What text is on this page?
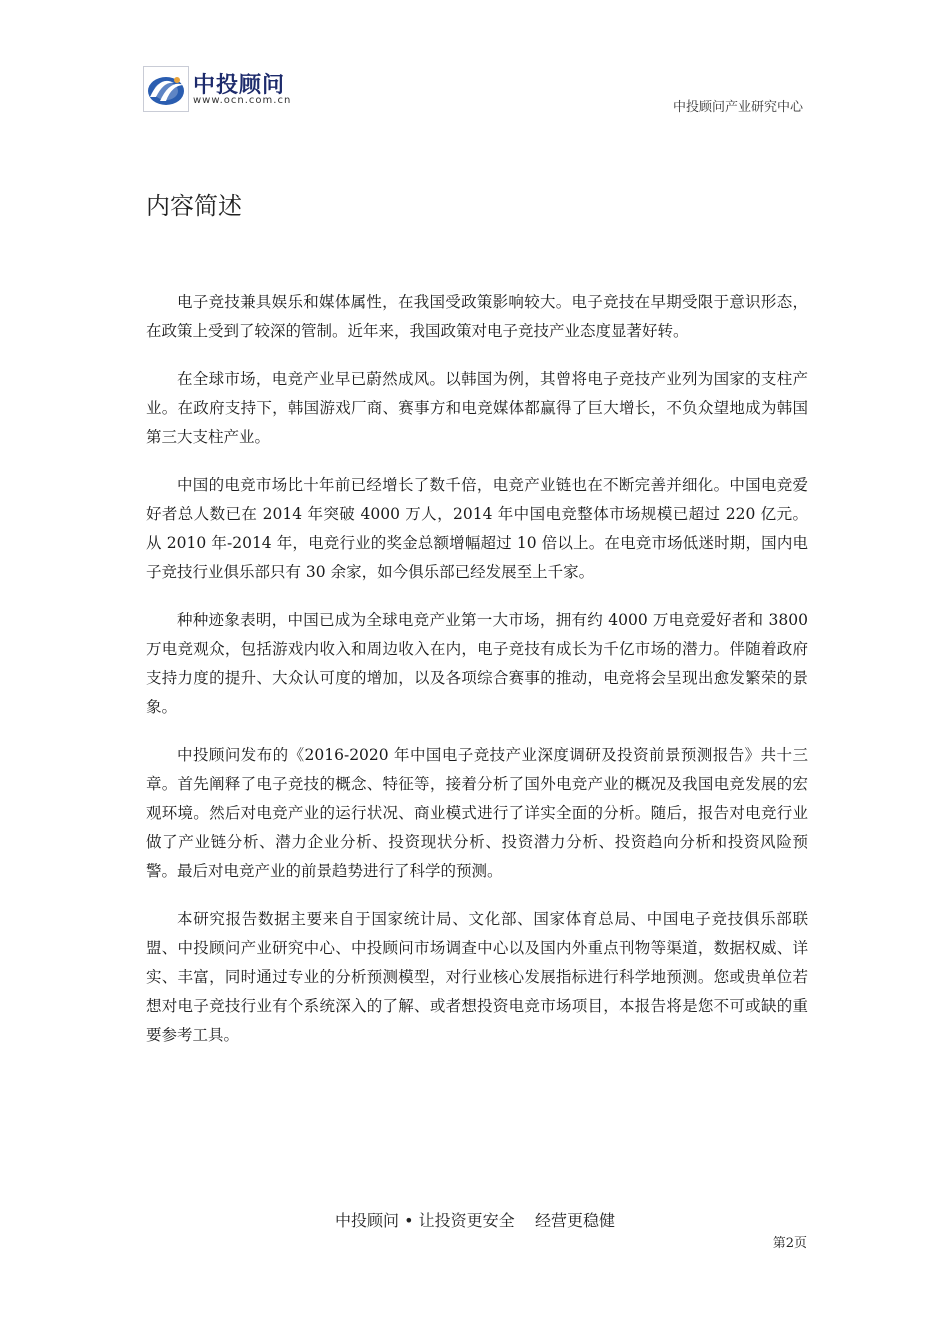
中投顾问
www.ocn.com.cn	中投顾问产业研究中心
内容简述

电子竞技兼具娱乐和媒体属性，在我国受政策影响较大。电子竞技在早期受限于意识形态，在政策上受到了较深的管制。近年来，我国政策对电子竞技产业态度显著好转。

在全球市场，电竞产业早已蔚然成风。以韩国为例，其曾将电子竞技产业列为国家的支柱产业。在政府支持下，韩国游戏厂商、赛事方和电竞媒体都赢得了巨大增长，不负众望地成为韩国第三大支柱产业。

中国的电竞市场比十年前已经增长了数千倍，电竞产业链也在不断完善并细化。中国电竞爱好者总人数已在 2014 年突破 4000 万人，2014 年中国电竞整体市场规模已超过 220 亿元。从 2010 年-2014 年，电竞行业的奖金总额增幅超过 10 倍以上。在电竞市场低迷时期，国内电子竞技行业俱乐部只有 30 余家，如今俱乐部已经发展至上千家。

种种迹象表明，中国已成为全球电竞产业第一大市场，拥有约 4000 万电竞爱好者和 3800 万电竞观众，包括游戏内收入和周边收入在内，电子竞技有成长为千亿市场的潜力。伴随着政府支持力度的提升、大众认可度的增加，以及各项综合赛事的推动，电竞将会呈现出愈发繁荣的景象。

中投顾问发布的《2016-2020 年中国电子竞技产业深度调研及投资前景预测报告》共十三章。首先阐释了电子竞技的概念、特征等，接着分析了国外电竞产业的概况及我国电竞发展的宏观环境。然后对电竞产业的运行状况、商业模式进行了详实全面的分析。随后，报告对电竞行业做了产业链分析、潜力企业分析、投资现状分析、投资潜力分析、投资趋向分析和投资风险预警。最后对电竞产业的前景趋势进行了科学的预测。

本研究报告数据主要来自于国家统计局、文化部、国家体育总局、中国电子竞技俱乐部联盟、中投顾问产业研究中心、中投顾问市场调查中心以及国内外重点刊物等渠道，数据权威、详实、丰富，同时通过专业的分析预测模型，对行业核心发展指标进行科学地预测。您或贵单位若想对电子竞技行业有个系统深入的了解、或者想投资电竞市场项目，本报告将是您不可或缺的重要参考工具。

中投顾问 • 让投资更安全    经营更稳健
第2页
